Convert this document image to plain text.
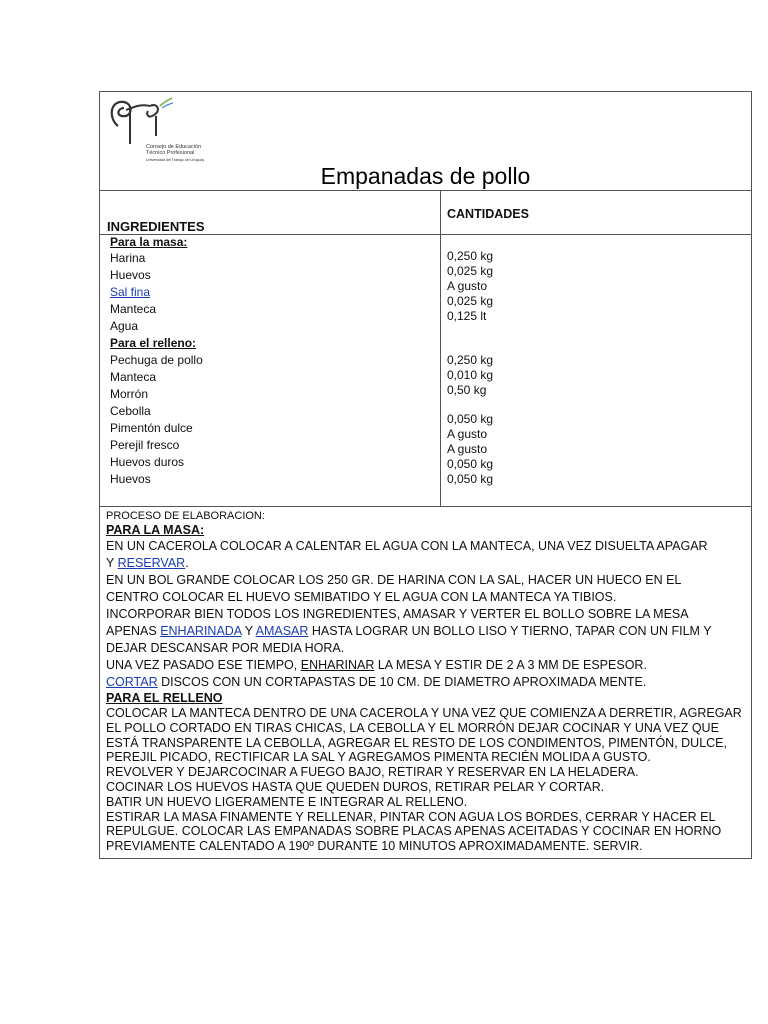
Consejo de Educación
Técnico Profesional
Universidad del Trabajo del Uruguay
Empanadas de pollo
INGREDIENTES
CANTIDADES
Para la masa:
Harina
Huevos
Sal fina
Manteca
Agua
Para el relleno:
Pechuga de pollo
Manteca
Morrón
Cebolla
Pimentón dulce
Perejil fresco
Huevos duros
Huevos
0,250 kg
0,025 kg
A gusto
0,025 kg
0,125 lt
0,250 kg
0,010 kg
0,50 kg
0,050 kg
A gusto
A gusto
0,050 kg
0,050 kg

PROCESO DE ELABORACION:

PARA LA MASA:

EN UN CACEROLA COLOCAR A CALENTAR EL AGUA CON LA MANTECA, UNA VEZ DISUELTA APAGAR

Y RESERVAR.

EN UN BOL GRANDE COLOCAR LOS 250 GR. DE HARINA CON LA SAL, HACER UN HUECO EN EL

CENTRO COLOCAR EL HUEVO SEMIBATIDO Y EL AGUA CON LA MANTECA YA TIBIOS.

INCORPORAR BIEN TODOS LOS INGREDIENTES, AMASAR Y VERTER EL BOLLO SOBRE LA MESA

APENAS ENHARINADA Y AMASAR HASTA LOGRAR UN BOLLO LISO Y TIERNO, TAPAR CON UN FILM Y

DEJAR DESCANSAR POR MEDIA HORA.

UNA VEZ PASADO ESE TIEMPO, ENHARINAR LA MESA Y ESTIR DE 2 A 3 MM DE ESPESOR.

CORTAR DISCOS CON UN CORTAPASTAS DE 10 CM. DE DIAMETRO APROXIMADA MENTE.

PARA EL RELLENO

COLOCAR LA MANTECA DENTRO DE UNA CACEROLA Y UNA VEZ QUE COMIENZA A DERRETIR, AGREGAR EL POLLO CORTADO EN TIRAS CHICAS, LA CEBOLLA Y EL MORRÓN DEJAR COCINAR Y UNA VEZ QUE ESTÁ TRANSPARENTE LA CEBOLLA, AGREGAR EL RESTO DE LOS CONDIMENTOS, PIMENTÓN, DULCE, PEREJIL PICADO, RECTIFICAR LA SAL Y AGREGAMOS PIMENTA RECIÉN MOLIDA A GUSTO.

REVOLVER Y DEJARCOCINAR A FUEGO BAJO, RETIRAR Y RESERVAR EN LA HELADERA.

COCINAR LOS HUEVOS HASTA QUE QUEDEN DUROS, RETIRAR PELAR Y CORTAR.

BATIR UN HUEVO LIGERAMENTE E INTEGRAR AL RELLENO.

ESTIRAR LA MASA FINAMENTE Y RELLENAR, PINTAR CON AGUA LOS BORDES, CERRAR Y HACER EL REPULGUE. COLOCAR LAS EMPANADAS SOBRE PLACAS APENAS ACEITADAS Y COCINAR EN HORNO PREVIAMENTE CALENTADO A 190º DURANTE 10 MINUTOS APROXIMADAMENTE. SERVIR.
